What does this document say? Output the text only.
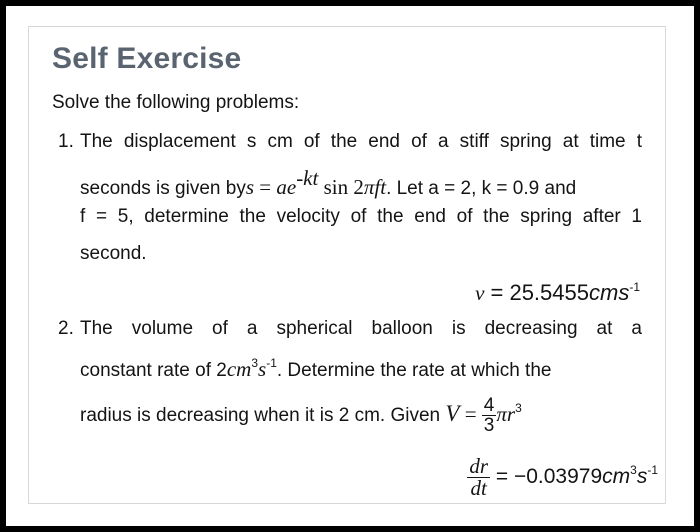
Self Exercise
Solve the following problems:
1. The displacement s cm of the end of a stiff spring at time t
seconds is given bys = $ae^{-kt}$ sin 2πft. Let a = 2, k = 0.9 and
f = 5, determine the velocity of the end of the spring after 1
second.
v = 25.5455cms$^{-1}$
2. The volume of a spherical balloon is decreasing at a
constant rate of $2cm^3s^{-1}$. Determine the rate at which the
radius is decreasing when it is 2 cm. Given $V = \frac{4}{3} \pi r^3$
$\frac{dr}{dt} = -0.03979cm^3s^{-1}$
